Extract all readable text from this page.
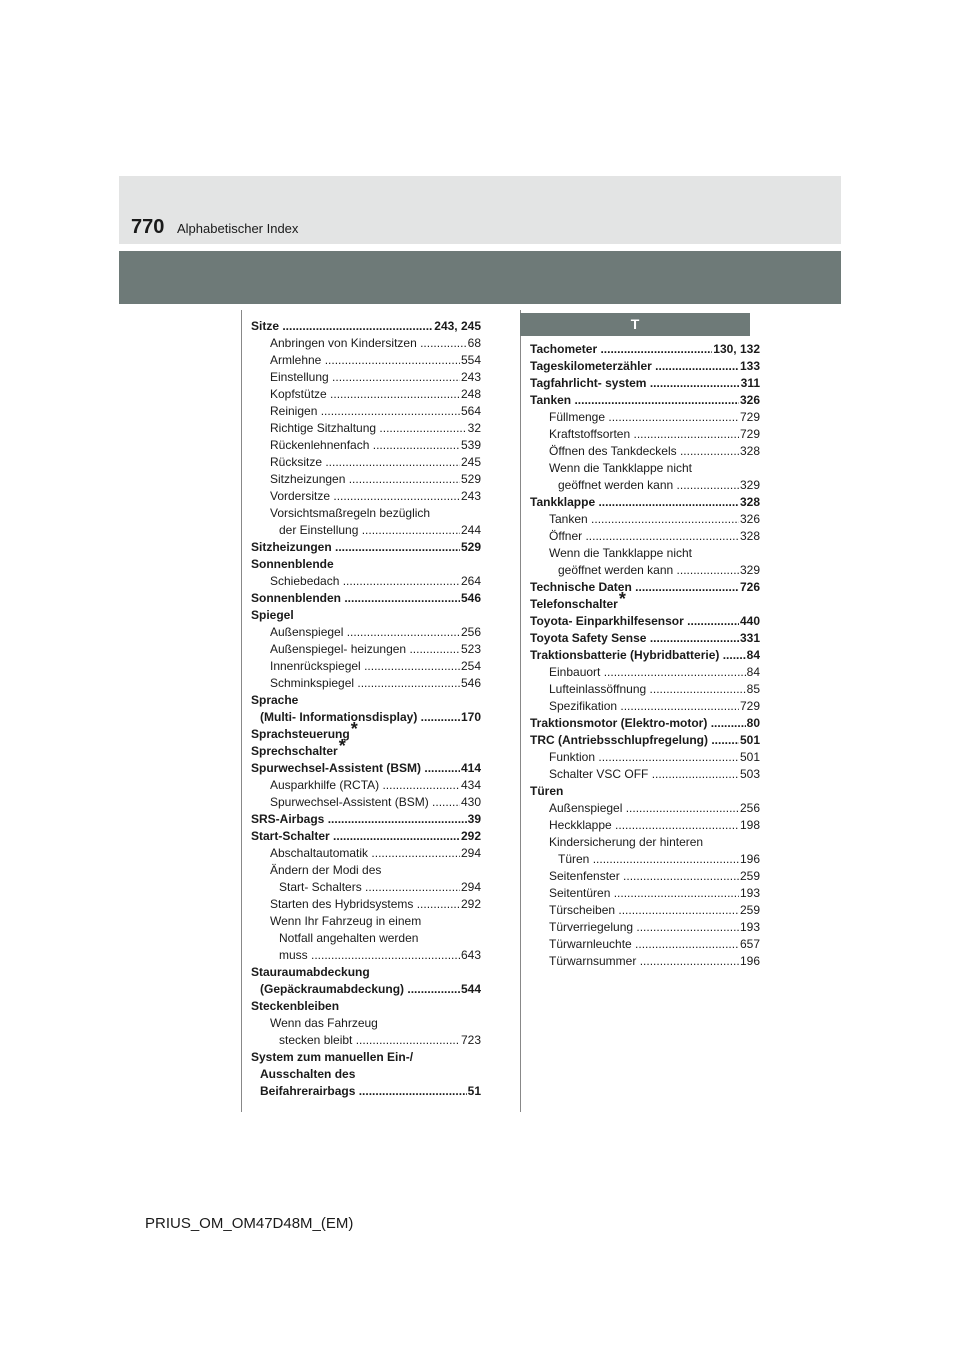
770 Alphabetischer Index
Sitze .....	243, 245
Anbringen von Kindersitzen .....	68
Armlehne .....	554
Einstellung .....	243
Kopfstütze .....	248
Reinigen .....	564
Richtige Sitzhaltung .....	32
Rückenlehnenfach .....	539
Rücksitze .....	245
Sitzheizungen .....	529
Vordersitze .....	243
Vorsichtsmaßregeln bezüglich
der Einstellung .....	244
Sitzheizungen .....	529
Sonnenblende
Schiebedach .....	264
Sonnenblenden .....	546
Spiegel
Außenspiegel .....	256
Außenspiegel- heizungen .....	523
Innenrückspiegel .....	254
Schminkspiegel .....	546
Sprache
(Multi- Informationsdisplay) .....	170
Sprachsteuerung *
Sprechschalter *
Spurwechsel-Assistent (BSM) .....	414
Ausparkhilfe (RCTA) .....	434
Spurwechsel-Assistent (BSM) .....	430
SRS-Airbags .....	39
Start-Schalter .....	292
Abschaltautomatik .....	294
Ändern der Modi des
Start- Schalters .....	294
Starten des Hybridsystems .....	292
Wenn Ihr Fahrzeug in einem
Notfall angehalten werden
muss .....	643
Stauraumabdeckung
(Gepäckraumabdeckung) .....	544
Steckenbleiben
Wenn das Fahrzeug
stecken bleibt .....	723
System zum manuellen Ein-/
Ausschalten des
Beifahrerairbags .....	51
T
Tachometer .....	130, 132
Tageskilometerzähler .....	133
Tagfahrlicht- system .....	311
Tanken .....	326
Füllmenge .....	729
Kraftstoffsorten .....	729
Öffnen des Tankdeckels .....	328
Wenn die Tankklappe nicht
geöffnet werden kann .....	329
Tankklappe .....	328
Tanken .....	326
Öffner .....	328
Wenn die Tankklappe nicht
geöffnet werden kann .....	329
Technische Daten .....	726
Telefonschalter *
Toyota- Einparkhilfesensor .....	440
Toyota Safety Sense .....	331
Traktionsbatterie (Hybridbatterie) .....	84
Einbauort .....	84
Lufteinlassöffnung .....	85
Spezifikation .....	729
Traktionsmotor (Elektro-motor) .....	80
TRC (Antriebsschlupfregelung) .....	501
Funktion .....	501
Schalter VSC OFF .....	503
Türen
Außenspiegel .....	256
Heckklappe .....	198
Kindersicherung der hinteren
Türen .....	196
Seitenfenster .....	259
Seitentüren .....	193
Türscheiben .....	259
Türverriegelung .....	193
Türwarnleuchte .....	657
Türwarnsummer .....	196
PRIUS_OM_OM47D48M_(EM)
